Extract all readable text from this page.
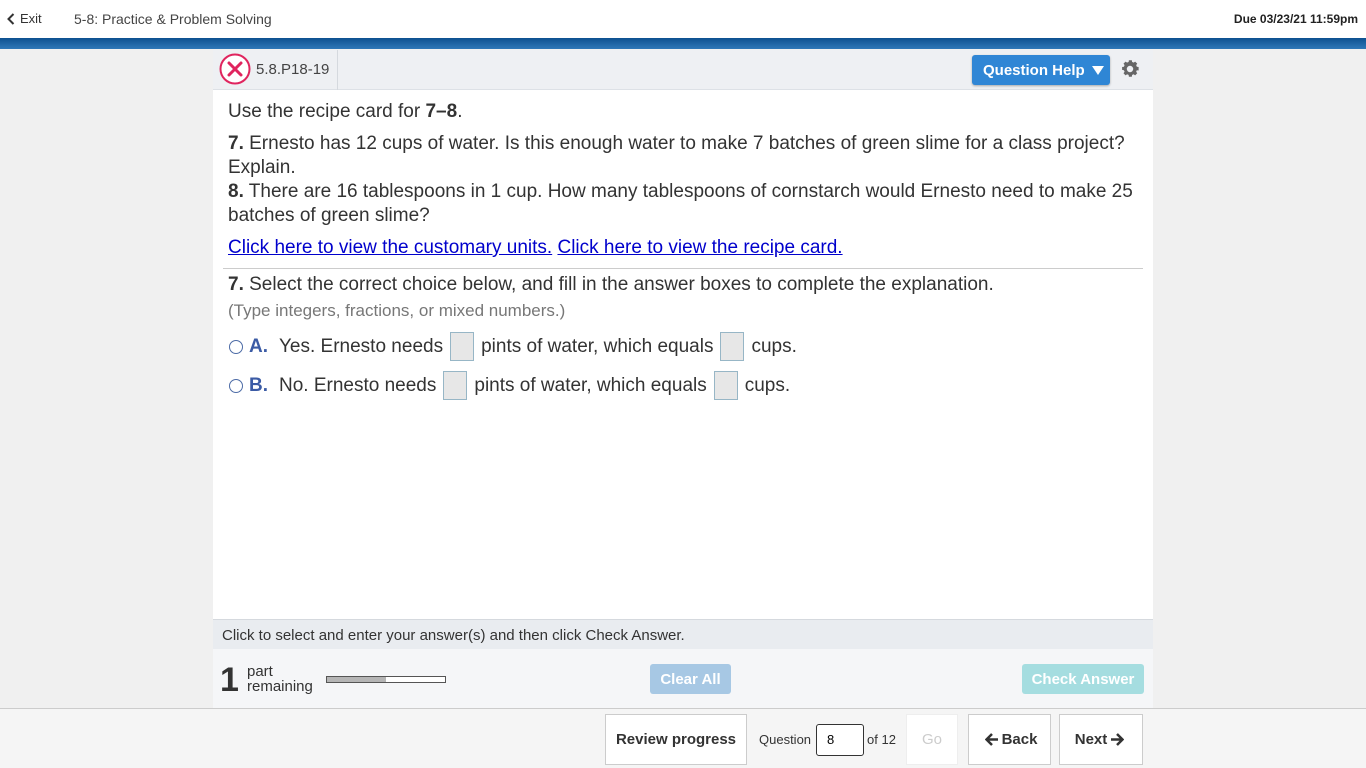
Exit 5-8: Practice & Problem Solving	Due 03/23/21 11:59pm
5.8.P18-19	Question Help

Use the recipe card for 7–8.

7. Ernesto has 12 cups of water. Is this enough water to make 7 batches of green slime for a class project? Explain.

8. There are 16 tablespoons in 1 cup. How many tablespoons of cornstarch would Ernesto need to make 25 batches of green slime?

Click here to view the customary units. Click here to view the recipe card.

7. Select the correct choice below, and fill in the answer boxes to complete the explanation.
(Type integers, fractions, or mixed numbers.)
A. Yes. Ernesto needs pints of water, which equals cups.
B. No. Ernesto needs pints of water, which equals cups.
Click to select and enter your answer(s) and then click Check Answer.
1 part
remaining	Clear All	Check Answer
Review progress	Question
8	of 12	Go	Back Next
